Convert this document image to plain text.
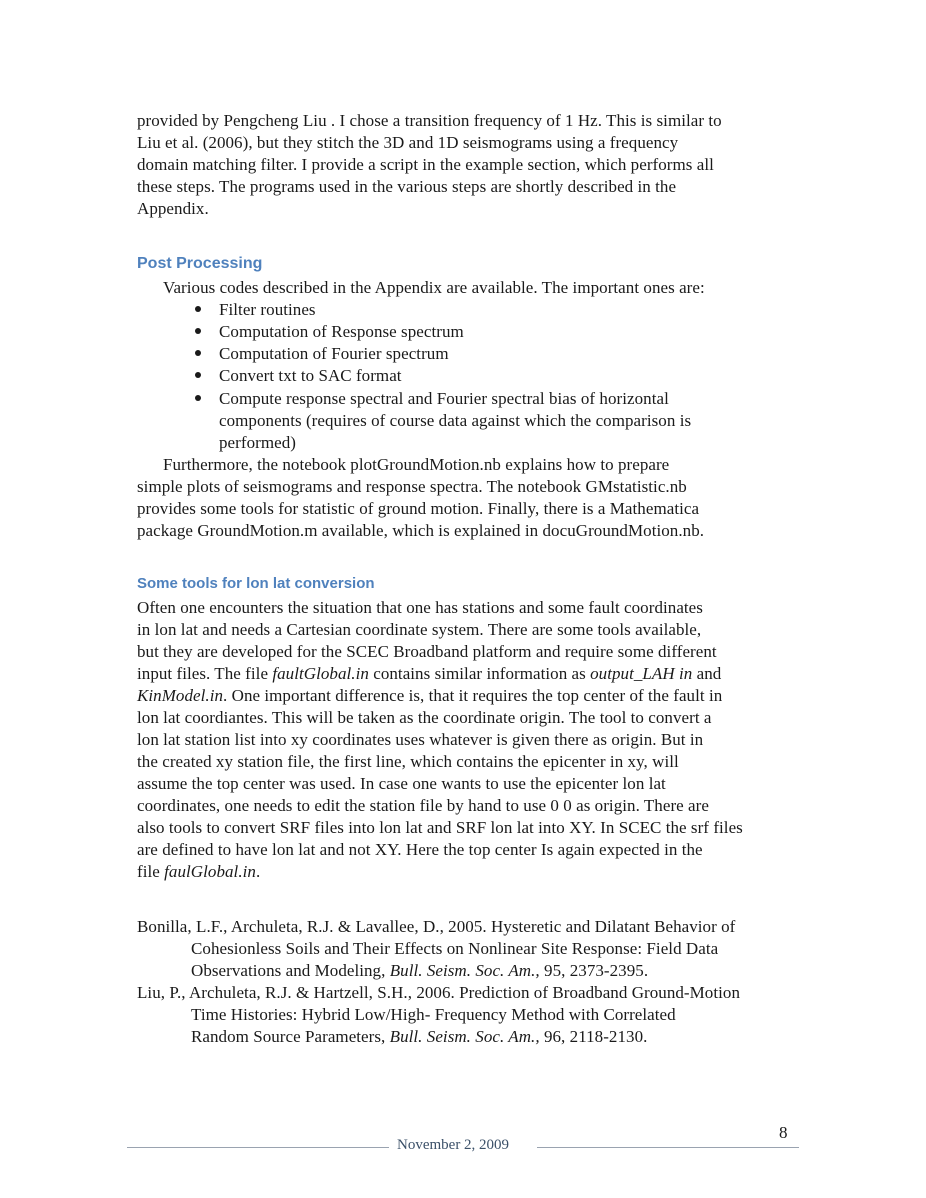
provided by Pengcheng Liu . I chose a transition frequency of 1 Hz. This is similar to
Liu et al. (2006), but they stitch the 3D and 1D seismograms using a frequency
domain matching filter. I provide a script in the example section, which performs all
these steps. The programs used in the various steps are shortly described in the
Appendix.
Post Processing
Various codes described in the Appendix are available. The important ones are:
Filter routines
Computation of Response spectrum
Computation of Fourier spectrum
Convert txt to SAC format
Compute response spectral and Fourier spectral bias of horizontal
components (requires of course data against which the comparison is
performed)
Furthermore, the notebook plotGroundMotion.nb explains how to prepare
simple plots of seismograms and response spectra. The notebook GMstatistic.nb
provides some tools for statistic of ground motion. Finally, there is a Mathematica
package GroundMotion.m available, which is explained in docuGroundMotion.nb.
Some tools for lon lat conversion
Often one encounters the situation that one has stations and some fault coordinates
in lon lat and needs a Cartesian coordinate system. There are some tools available,
but they are developed for the SCEC Broadband platform and require some different
input files. The file faultGlobal.in contains similar information as output_LAH in and
KinModel.in. One important difference is, that it requires the top center of the fault in
lon lat coordiantes. This will be taken as the coordinate origin. The tool to convert a
lon lat station list into xy coordinates uses whatever is given there as origin. But in
the created xy station file, the first line, which contains the epicenter in xy, will
assume the top center was used. In case one wants to use the epicenter lon lat
coordinates, one needs to edit the station file by hand to use 0 0 as origin. There are
also tools to convert SRF files into lon lat and SRF lon lat into XY. In SCEC the srf files
are defined to have lon lat and not XY. Here the top center Is again expected in the
file faulGlobal.in.
Bonilla, L.F., Archuleta, R.J. & Lavallee, D., 2005. Hysteretic and Dilatant Behavior of
Cohesionless Soils and Their Effects on Nonlinear Site Response: Field Data
Observations and Modeling, Bull. Seism. Soc. Am., 95, 2373-2395.
Liu, P., Archuleta, R.J. & Hartzell, S.H., 2006. Prediction of Broadband Ground-Motion
Time Histories: Hybrid Low/High- Frequency Method with Correlated
Random Source Parameters, Bull. Seism. Soc. Am., 96, 2118-2130.
8
November 2, 2009
